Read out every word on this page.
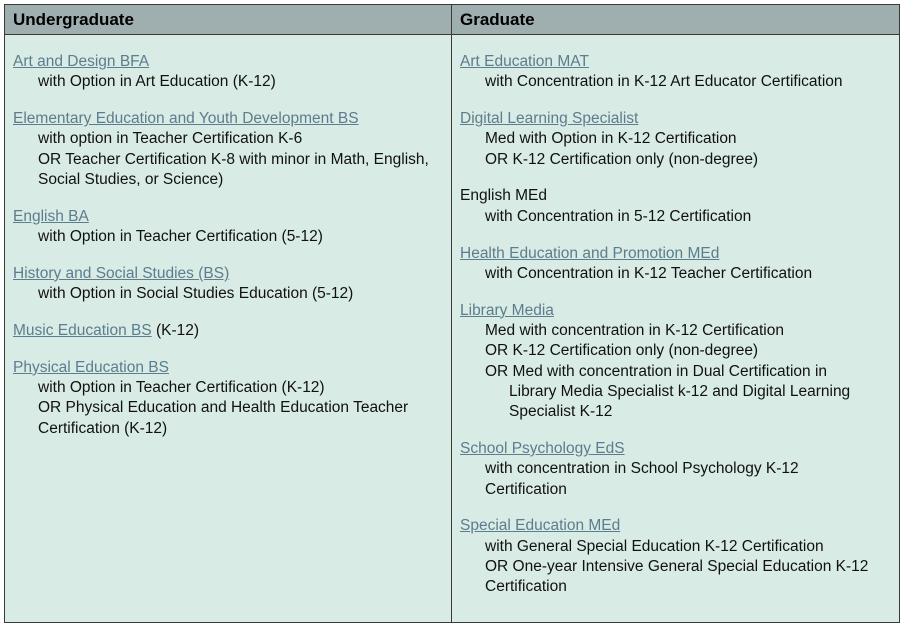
Undergraduate	Graduate
Art and Design BFA
with Option in Art Education (K-12)
Elementary Education and Youth Development BS
with option in Teacher Certification K-6
OR Teacher Certification K-8 with minor in Math, English,
Social Studies, or Science)
English BA
with Option in Teacher Certification (5-12)
History and Social Studies (BS)
with Option in Social Studies Education (5-12)
Music Education BS (K-12)
Physical Education BS
with Option in Teacher Certification (K-12)
OR Physical Education and Health Education Teacher
Certification (K-12)
Art Education MAT
with Concentration in K-12 Art Educator Certification
Digital Learning Specialist
Med with Option in K-12 Certification
OR K-12 Certification only (non-degree)
English MEd
with Concentration in 5-12 Certification
Health Education and Promotion MEd
with Concentration in K-12 Teacher Certification
Library Media
Med with concentration in K-12 Certification
OR K-12 Certification only (non-degree)
OR Med with concentration in Dual Certification in
Library Media Specialist k-12 and Digital Learning
Specialist K-12
School Psychology EdS
with concentration in School Psychology K-12
Certification
Special Education MEd
with General Special Education K-12 Certification
OR One-year Intensive General Special Education K-12
Certification
